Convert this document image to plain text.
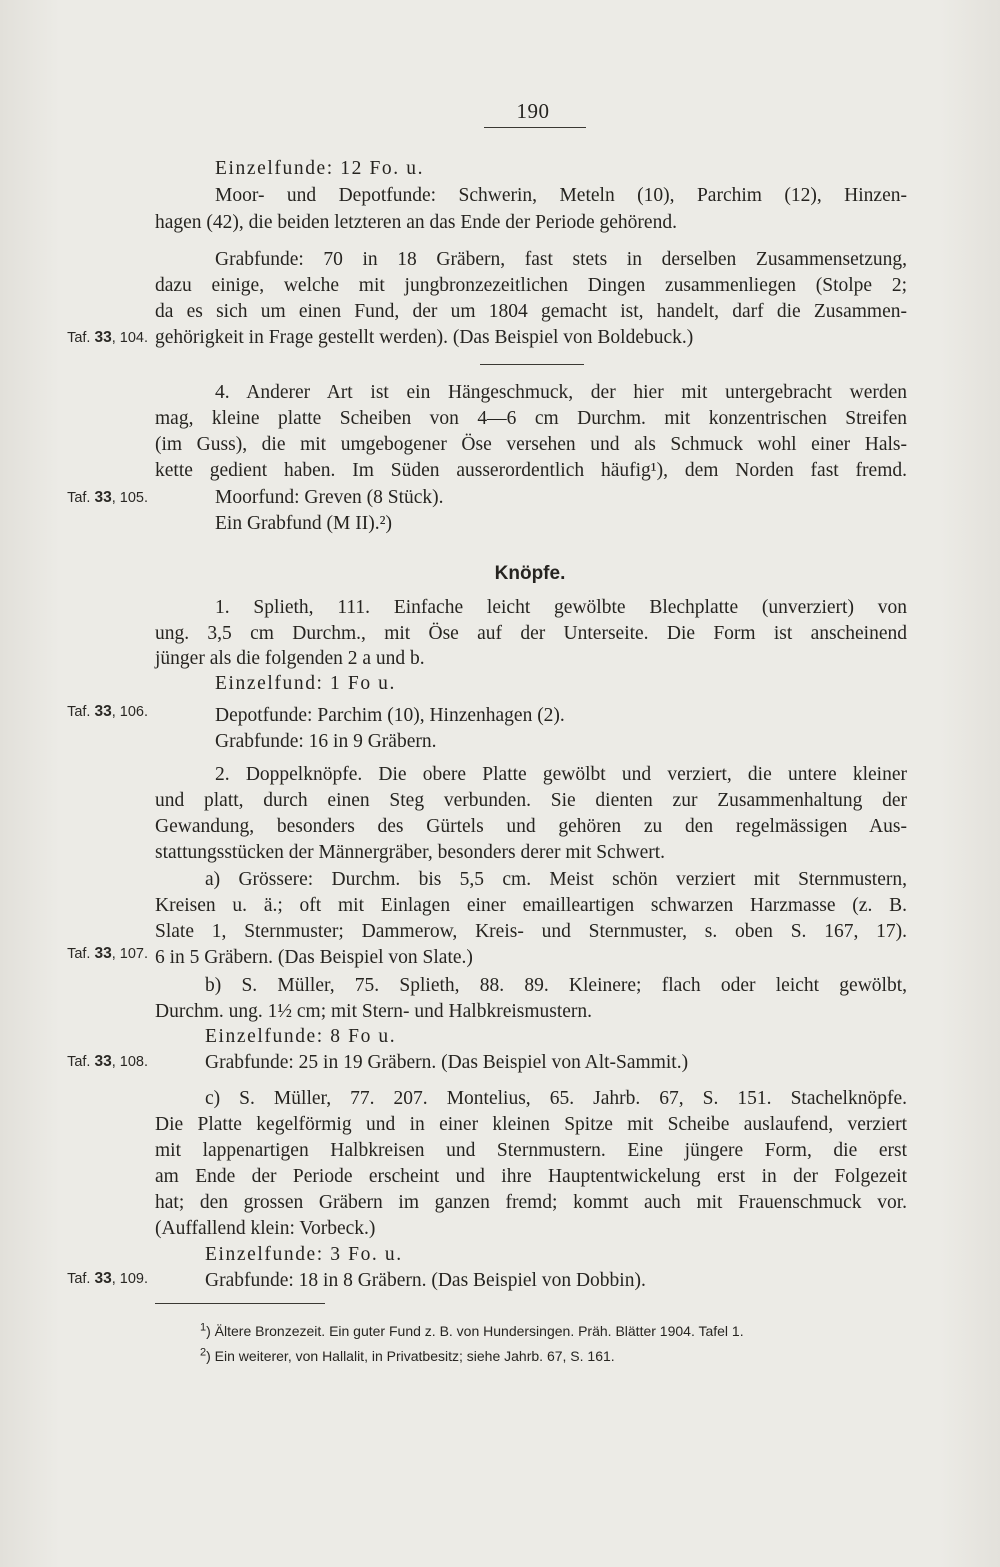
190
Einzelfunde: 12 Fo. u.
Moor- und Depotfunde: Schwerin, Meteln (10), Parchim (12), Hinzen-
hagen (42), die beiden letzteren an das Ende der Periode gehörend.
Grabfunde: 70 in 18 Gräbern, fast stets in derselben Zusammensetzung,
dazu einige, welche mit jungbronzezeitlichen Dingen zusammenliegen (Stolpe 2;
da es sich um einen Fund, der um 1804 gemacht ist, handelt, darf die Zusammen-
gehörigkeit in Frage gestellt werden). (Das Beispiel von Boldebuck.)
Taf. 33, 104.
4. Anderer Art ist ein Hängeschmuck, der hier mit untergebracht werden
mag, kleine platte Scheiben von 4—6 cm Durchm. mit konzentrischen Streifen
(im Guss), die mit umgebogener Öse versehen und als Schmuck wohl einer Hals-
kette gedient haben. Im Süden ausserordentlich häufig¹), dem Norden fast fremd.
Moorfund: Greven (8 Stück).
Taf. 33, 105.
Ein Grabfund (M II).²)
Knöpfe.
1. Splieth, 111. Einfache leicht gewölbte Blechplatte (unverziert) von
ung. 3,5 cm Durchm., mit Öse auf der Unterseite. Die Form ist anscheinend
jünger als die folgenden 2 a und b.
Einzelfund: 1 Fo u.
Depotfunde: Parchim (10), Hinzenhagen (2).
Taf. 33, 106.
Grabfunde: 16 in 9 Gräbern.
2. Doppelknöpfe. Die obere Platte gewölbt und verziert, die untere kleiner
und platt, durch einen Steg verbunden. Sie dienten zur Zusammenhaltung der
Gewandung, besonders des Gürtels und gehören zu den regelmässigen Aus-
stattungsstücken der Männergräber, besonders derer mit Schwert.
a) Grössere: Durchm. bis 5,5 cm. Meist schön verziert mit Sternmustern,
Kreisen u. ä.; oft mit Einlagen einer emailleartigen schwarzen Harzmasse (z. B.
Slate 1, Sternmuster; Dammerow, Kreis- und Sternmuster, s. oben S. 167, 17).
6 in 5 Gräbern. (Das Beispiel von Slate.)
Taf. 33, 107.
b) S. Müller, 75. Splieth, 88. 89. Kleinere; flach oder leicht gewölbt,
Durchm. ung. 1½ cm; mit Stern- und Halbkreismustern.
Einzelfunde: 8 Fo u.
Grabfunde: 25 in 19 Gräbern. (Das Beispiel von Alt-Sammit.)
Taf. 33, 108.
c) S. Müller, 77. 207. Montelius, 65. Jahrb. 67, S. 151. Stachelknöpfe.
Die Platte kegelförmig und in einer kleinen Spitze mit Scheibe auslaufend, verziert
mit lappenartigen Halbkreisen und Sternmustern. Eine jüngere Form, die erst
am Ende der Periode erscheint und ihre Hauptentwickelung erst in der Folgezeit
hat; den grossen Gräbern im ganzen fremd; kommt auch mit Frauenschmuck vor.
(Auffallend klein: Vorbeck.)
Einzelfunde: 3 Fo. u.
Grabfunde: 18 in 8 Gräbern. (Das Beispiel von Dobbin).
Taf. 33, 109.
$^1$) Ältere Bronzezeit. Ein guter Fund z. B. von Hundersingen. Präh. Blätter 1904. Tafel 1.
$^2$) Ein weiterer, von Hallalit, in Privatbesitz; siehe Jahrb. 67, S. 161.
